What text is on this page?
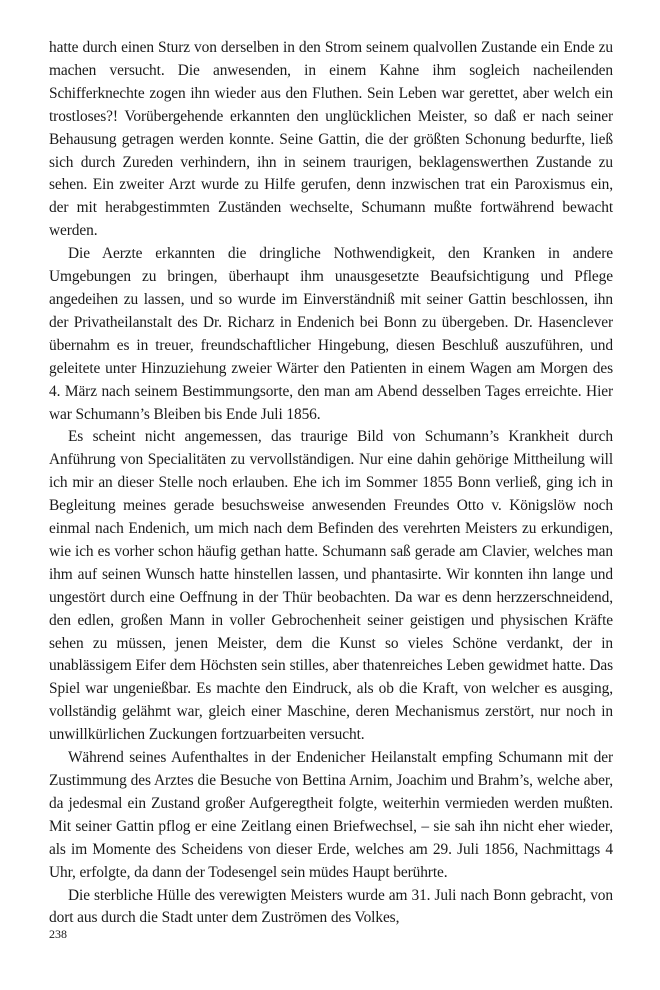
hatte durch einen Sturz von derselben in den Strom seinem qualvollen Zustande ein Ende zu machen versucht. Die anwesenden, in einem Kahne ihm sogleich nacheilenden Schifferknechte zogen ihn wieder aus den Fluthen. Sein Leben war gerettet, aber welch ein trostloses?! Vorübergehende erkannten den unglücklichen Meister, so daß er nach seiner Behausung getragen werden konnte. Seine Gattin, die der größten Schonung bedurfte, ließ sich durch Zureden verhindern, ihn in seinem traurigen, beklagenswerthen Zustande zu sehen. Ein zweiter Arzt wurde zu Hilfe gerufen, denn inzwischen trat ein Paroxismus ein, der mit herabgestimmten Zuständen wechselte, Schumann mußte fortwährend bewacht werden.

Die Aerzte erkannten die dringliche Nothwendigkeit, den Kranken in andere Umgebungen zu bringen, überhaupt ihm unausgesetzte Beaufsichtigung und Pflege angedeihen zu lassen, und so wurde im Einverständniß mit seiner Gattin beschlossen, ihn der Privatheilanstalt des Dr. Richarz in Endenich bei Bonn zu übergeben. Dr. Hasenclever übernahm es in treuer, freundschaftlicher Hingebung, diesen Beschluß auszuführen, und geleitete unter Hinzuziehung zweier Wärter den Patienten in einem Wagen am Morgen des 4. März nach seinem Bestimmungsorte, den man am Abend desselben Tages erreichte. Hier war Schumann’s Bleiben bis Ende Juli 1856.

Es scheint nicht angemessen, das traurige Bild von Schumann’s Krankheit durch Anführung von Specialitäten zu vervollständigen. Nur eine dahin gehörige Mittheilung will ich mir an dieser Stelle noch erlauben. Ehe ich im Sommer 1855 Bonn verließ, ging ich in Begleitung meines gerade besuchsweise anwesenden Freundes Otto v. Königslöw noch einmal nach Endenich, um mich nach dem Befinden des verehrten Meisters zu erkundigen, wie ich es vorher schon häufig gethan hatte. Schumann saß gerade am Clavier, welches man ihm auf seinen Wunsch hatte hinstellen lassen, und phantasirte. Wir konnten ihn lange und ungestört durch eine Oeffnung in der Thür beobachten. Da war es denn herzzerschneidend, den edlen, großen Mann in voller Gebrochenheit seiner geistigen und physischen Kräfte sehen zu müssen, jenen Meister, dem die Kunst so vieles Schöne verdankt, der in unablässigem Eifer dem Höchsten sein stilles, aber thatenreiches Leben gewidmet hatte. Das Spiel war ungenießbar. Es machte den Eindruck, als ob die Kraft, von welcher es ausging, vollständig gelähmt war, gleich einer Maschine, deren Mechanismus zerstört, nur noch in unwillkürlichen Zuckungen fortzuarbeiten versucht.

Während seines Aufenthaltes in der Endenicher Heilanstalt empfing Schumann mit der Zustimmung des Arztes die Besuche von Bettina Arnim, Joachim und Brahm’s, welche aber, da jedesmal ein Zustand großer Aufgeregtheit folgte, weiterhin vermieden werden mußten. Mit seiner Gattin pflog er eine Zeitlang einen Briefwechsel, – sie sah ihn nicht eher wieder, als im Momente des Scheidens von dieser Erde, welches am 29. Juli 1856, Nachmittags 4 Uhr, erfolgte, da dann der Todesengel sein müdes Haupt berührte.

Die sterbliche Hülle des verewigten Meisters wurde am 31. Juli nach Bonn gebracht, von dort aus durch die Stadt unter dem Zuströmen des Volkes,

238
